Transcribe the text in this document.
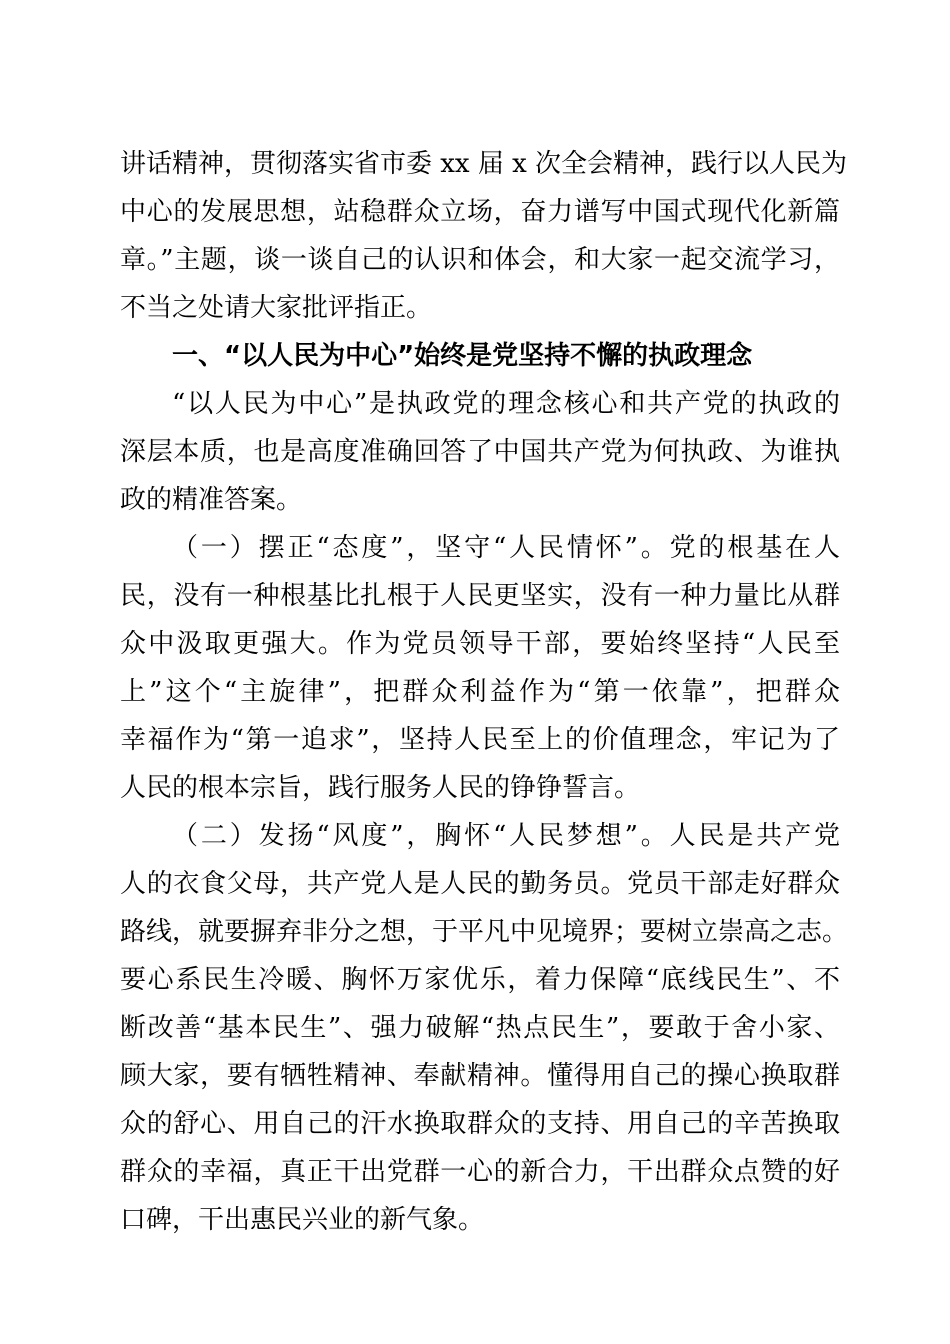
讲话精神，贯彻落实省市委 xx 届 x 次全会精神，践行以人民为
中心的发展思想，站稳群众立场，奋力谱写中国式现代化新篇
章。”主题，谈一谈自己的认识和体会，和大家一起交流学习，
不当之处请大家批评指正。
一、“以人民为中心”始终是党坚持不懈的执政理念
“以人民为中心”是执政党的理念核心和共产党的执政的
深层本质，也是高度准确回答了中国共产党为何执政、为谁执
政的精准答案。
（一）摆正“态度”，坚守“人民情怀”。党的根基在人
民，没有一种根基比扎根于人民更坚实，没有一种力量比从群
众中汲取更强大。作为党员领导干部，要始终坚持“人民至
上”这个“主旋律”，把群众利益作为“第一依靠”，把群众
幸福作为“第一追求”，坚持人民至上的价值理念，牢记为了
人民的根本宗旨，践行服务人民的铮铮誓言。
（二）发扬“风度”，胸怀“人民梦想”。人民是共产党
人的衣食父母，共产党人是人民的勤务员。党员干部走好群众
路线，就要摒弃非分之想，于平凡中见境界；要树立崇高之志。
要心系民生冷暖、胸怀万家优乐，着力保障“底线民生”、不
断改善“基本民生”、强力破解“热点民生”，要敢于舍小家、
顾大家，要有牺牲精神、奉献精神。懂得用自己的操心换取群
众的舒心、用自己的汗水换取群众的支持、用自己的辛苦换取
群众的幸福，真正干出党群一心的新合力，干出群众点赞的好
口碑，干出惠民兴业的新气象。
